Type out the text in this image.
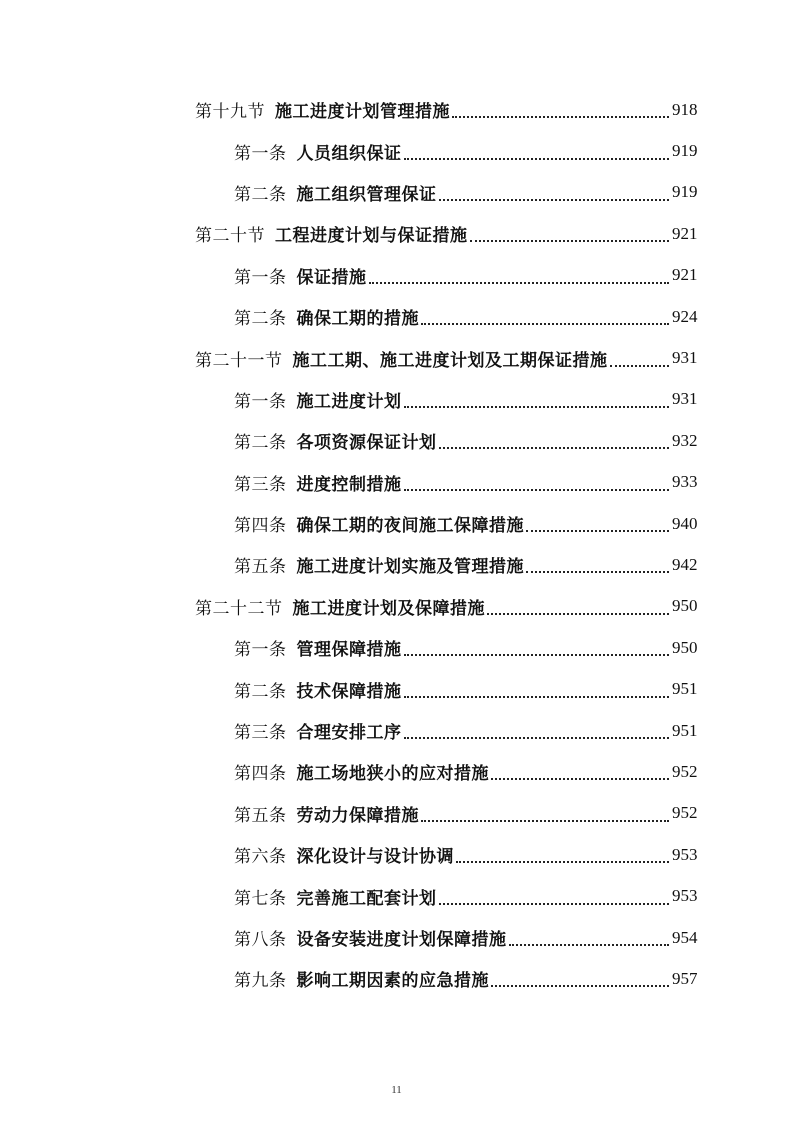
第十九节 施工进度计划管理措施	918
第一条 人员组织保证	919
第二条 施工组织管理保证	919
第二十节 工程进度计划与保证措施	921
第一条 保证措施	921
第二条 确保工期的措施	924
第二十一节 施工工期、施工进度计划及工期保证措施	931
第一条 施工进度计划	931
第二条 各项资源保证计划	932
第三条 进度控制措施	933
第四条 确保工期的夜间施工保障措施	940
第五条 施工进度计划实施及管理措施	942
第二十二节 施工进度计划及保障措施	950
第一条 管理保障措施	950
第二条 技术保障措施	951
第三条 合理安排工序	951
第四条 施工场地狭小的应对措施	952
第五条 劳动力保障措施	952
第六条 深化设计与设计协调	953
第七条 完善施工配套计划	953
第八条 设备安装进度计划保障措施	954
第九条 影响工期因素的应急措施	957
11
